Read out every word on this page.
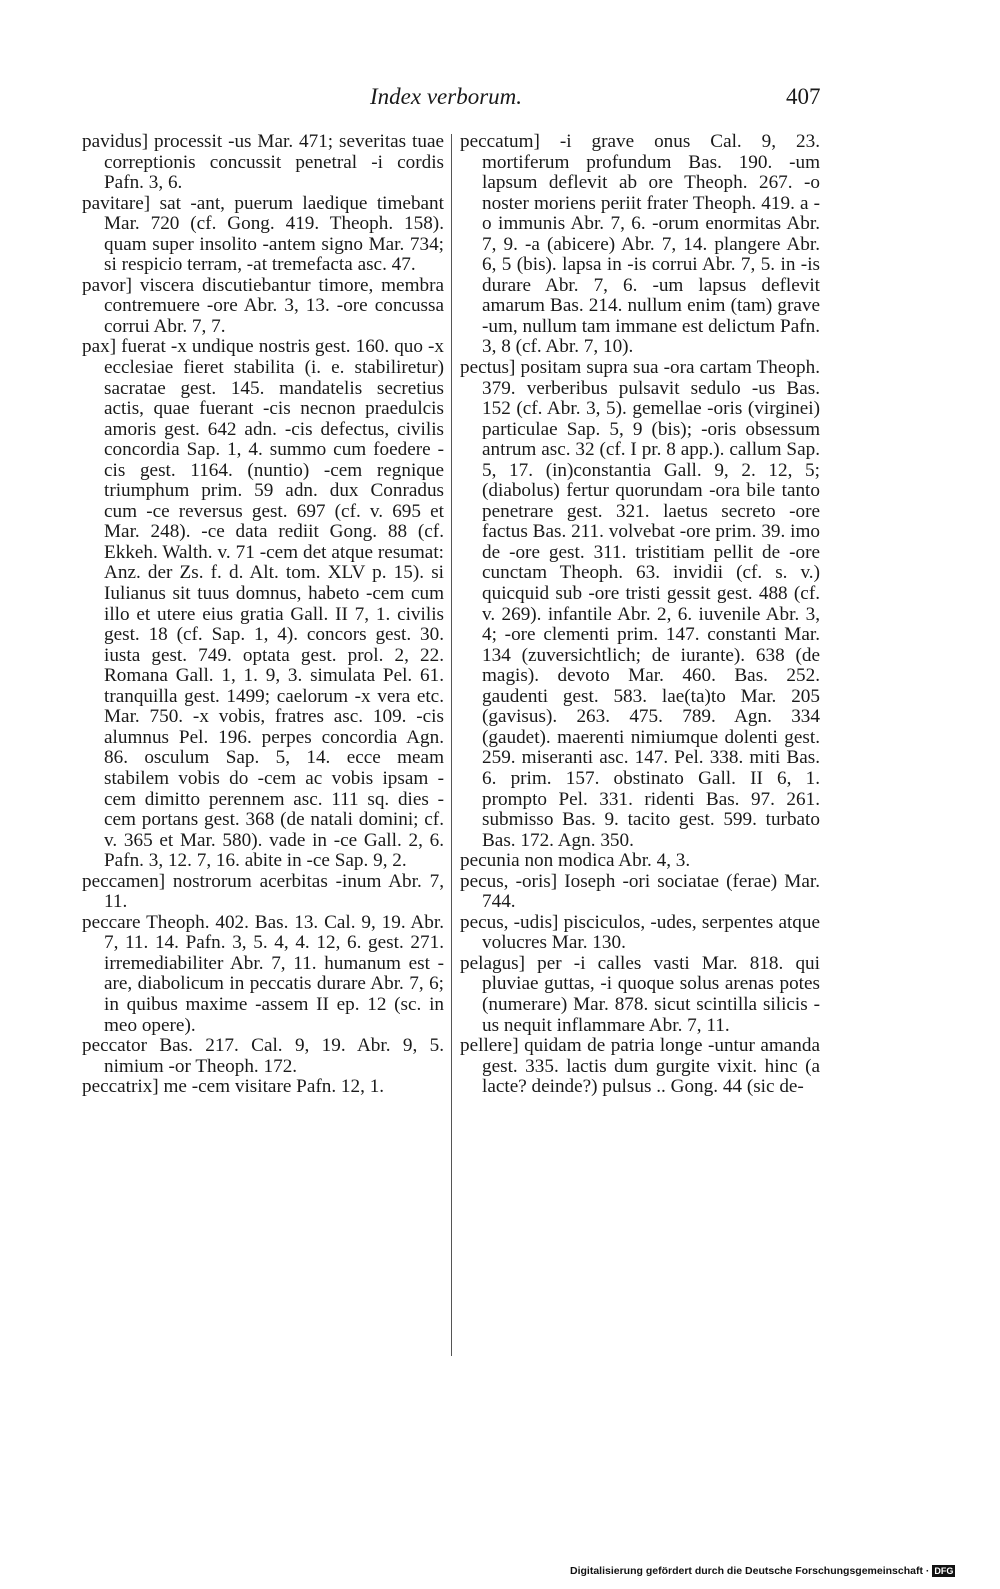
Index verborum.	407

pavidus] processit -us Mar. 471; severitas tuae correptionis concussit penetral -i cordis Pafn. 3, 6.

pavitare] sat -ant, puerum laedique timebant Mar. 720 (cf. Gong. 419. Theoph. 158). quam super insolito -antem signo Mar. 734; si respicio terram, -at tremefacta asc. 47.

pavor] viscera discutiebantur timore, membra contremuere -ore Abr. 3, 13. -ore concussa corrui Abr. 7, 7.

pax] fuerat -x undique nostris gest. 160. quo -x ecclesiae fieret stabilita (i. e. stabiliretur) sacratae gest. 145. mandatelis secretius actis, quae fuerant -cis necnon praedulcis amoris gest. 642 adn. -cis defectus, civilis concordia Sap. 1, 4. summo cum foedere -cis gest. 1164. (nuntio) -cem regnique triumphum prim. 59 adn. dux Conradus cum -ce reversus gest. 697 (cf. v. 695 et Mar. 248). -ce data rediit Gong. 88 (cf. Ekkeh. Walth. v. 71 -cem det atque resumat: Anz. der Zs. f. d. Alt. tom. XLV p. 15). si Iulianus sit tuus domnus, habeto -cem cum illo et utere eius gratia Gall. II 7, 1. civilis gest. 18 (cf. Sap. 1, 4). concors gest. 30. iusta gest. 749. optata gest. prol. 2, 22. Romana Gall. 1, 1. 9, 3. simulata Pel. 61. tranquilla gest. 1499; caelorum -x vera etc. Mar. 750. -x vobis, fratres asc. 109. -cis alumnus Pel. 196. perpes concordia Agn. 86. osculum Sap. 5, 14. ecce meam stabilem vobis do -cem ac vobis ipsam -cem dimitto perennem asc. 111 sq. dies -cem portans gest. 368 (de natali domini; cf. v. 365 et Mar. 580). vade in -ce Gall. 2, 6. Pafn. 3, 12. 7, 16. abite in -ce Sap. 9, 2.

peccamen] nostrorum acerbitas -inum Abr. 7, 11.

peccare Theoph. 402. Bas. 13. Cal. 9, 19. Abr. 7, 11. 14. Pafn. 3, 5. 4, 4. 12, 6. gest. 271. irremediabiliter Abr. 7, 11. humanum est -are, diabolicum in peccatis durare Abr. 7, 6; in quibus maxime -assem II ep. 12 (sc. in meo opere).

peccator Bas. 217. Cal. 9, 19. Abr. 9, 5. nimium -or Theoph. 172.

peccatrix] me -cem visitare Pafn. 12, 1.

peccatum] -i grave onus Cal. 9, 23. mortiferum profundum Bas. 190. -um lapsum deflevit ab ore Theoph. 267. -o noster moriens periit frater Theoph. 419. a -o immunis Abr. 7, 6. -orum enormitas Abr. 7, 9. -a (abicere) Abr. 7, 14. plangere Abr. 6, 5 (bis). lapsa in -is corrui Abr. 7, 5. in -is durare Abr. 7, 6. -um lapsus deflevit amarum Bas. 214. nullum enim (tam) grave -um, nullum tam immane est delictum Pafn. 3, 8 (cf. Abr. 7, 10).

pectus] positam supra sua -ora cartam Theoph. 379. verberibus pulsavit sedulo -us Bas. 152 (cf. Abr. 3, 5). gemellae -oris (virginei) particulae Sap. 5, 9 (bis); -oris obsessum antrum asc. 32 (cf. I pr. 8 app.). callum Sap. 5, 17. (in)constantia Gall. 9, 2. 12, 5; (diabolus) fertur quorundam -ora bile tanto penetrare gest. 321. laetus secreto -ore factus Bas. 211. volvebat -ore prim. 39. imo de -ore gest. 311. tristitiam pellit de -ore cunctam Theoph. 63. invidii (cf. s. v.) quicquid sub -ore tristi gessit gest. 488 (cf. v. 269). infantile Abr. 2, 6. iuvenile Abr. 3, 4; -ore clementi prim. 147. constanti Mar. 134 (zuversichtlich; de iurante). 638 (de magis). devoto Mar. 460. Bas. 252. gaudenti gest. 583. lae(ta)to Mar. 205 (gavisus). 263. 475. 789. Agn. 334 (gaudet). maerenti nimiumque dolenti gest. 259. miseranti asc. 147. Pel. 338. miti Bas. 6. prim. 157. obstinato Gall. II 6, 1. prompto Pel. 331. ridenti Bas. 97. 261. submisso Bas. 9. tacito gest. 599. turbato Bas. 172. Agn. 350.

pecunia non modica Abr. 4, 3.

pecus, -oris] Ioseph -ori sociatae (ferae) Mar. 744.

pecus, -udis] pisciculos, -udes, serpentes atque volucres Mar. 130.

pelagus] per -i calles vasti Mar. 818. qui pluviae guttas, -i quoque solus arenas potes (numerare) Mar. 878. sicut scintilla silicis -us nequit inflammare Abr. 7, 11.

pellere] quidam de patria longe -untur amanda gest. 335. lactis dum gurgite vixit. hinc (a lacte? deinde?) pulsus .. Gong. 44 (sic de-

Digitalisierung gefördert durch die Deutsche Forschungsgemeinschaft · DFG
